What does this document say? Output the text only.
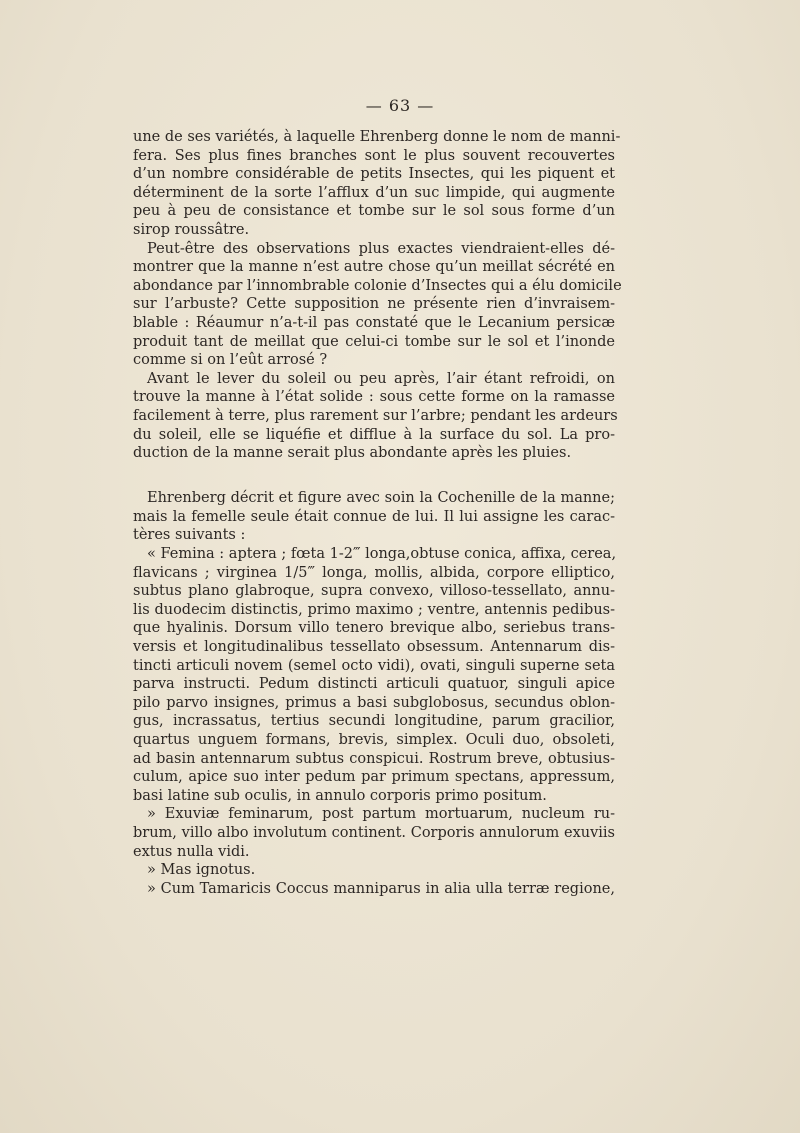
— 63 —
une de ses variétés, à laquelle Ehrenberg donne le nom de manni-
fera. Ses plus fines branches sont le plus souvent recouvertes
d’un nombre considérable de petits Insectes, qui les piquent et
déterminent de la sorte l’afflux d’un suc limpide, qui augmente
peu à peu de consistance et tombe sur le sol sous forme d’un
sirop roussâtre.
Peut-être des observations plus exactes viendraient-elles dé-
montrer que la manne n’est autre chose qu’un meillat sécrété en
abondance par l’innombrable colonie d’Insectes qui a élu domicile
sur l’arbuste? Cette supposition ne présente rien d’invraisem-
blable : Réaumur n’a-t-il pas constaté que le Lecanium persicæ
produit tant de meillat que celui-ci tombe sur le sol et l’inonde
comme si on l’eût arrosé ?
Avant le lever du soleil ou peu après, l’air étant refroidi, on
trouve la manne à l’état solide : sous cette forme on la ramasse
facilement à terre, plus rarement sur l’arbre; pendant les ardeurs
du soleil, elle se liquéfie et diffluе à la surface du sol. La pro-
duction de la manne serait plus abondante après les pluies.
Ehrenberg décrit et figure avec soin la Cochenille de la manne;
mais la femelle seule était connue de lui. Il lui assigne les carac-
tères suivants :
« Femina : aptera ; fœta 1-2‴ longa,obtuse conica, affixa, cerea,
flavicans ; virginea 1/5‴ longa, mollis, albida, corpore elliptico,
subtus plano glabroque, supra convexo, villoso-tessellato, annu-
lis duodecim distinctis, primo maximo ; ventre, antennis pedibus-
que hyalinis. Dorsum villo tenero brevique albo, seriebus trans-
versis et longitudinalibus tessellato obsessum. Antennarum dis-
tincti articuli novem (semel octo vidi), ovati, singuli superne seta
parva instructi. Pedum distincti articuli quatuor, singuli apice
pilo parvo insignes, primus a basi subglobosus, secundus oblon-
gus, incrassatus, tertius secundi longitudine, parum gracilior,
quartus unguem formans, brevis, simplex. Oculi duo, obsoleti,
ad basin antennarum subtus conspicui. Rostrum breve, obtusius-
culum, apice suo inter pedum par primum spectans, appressum,
basi latine sub oculis, in annulo corporis primo positum.
» Exuviæ feminarum, post partum mortuarum, nucleum ru-
brum, villo albo involutum continent. Corporis annulorum exuviis
extus nulla vidi.
» Mas ignotus.
» Cum Tamaricis Coccus manniparus in alia ulla terræ regione,
